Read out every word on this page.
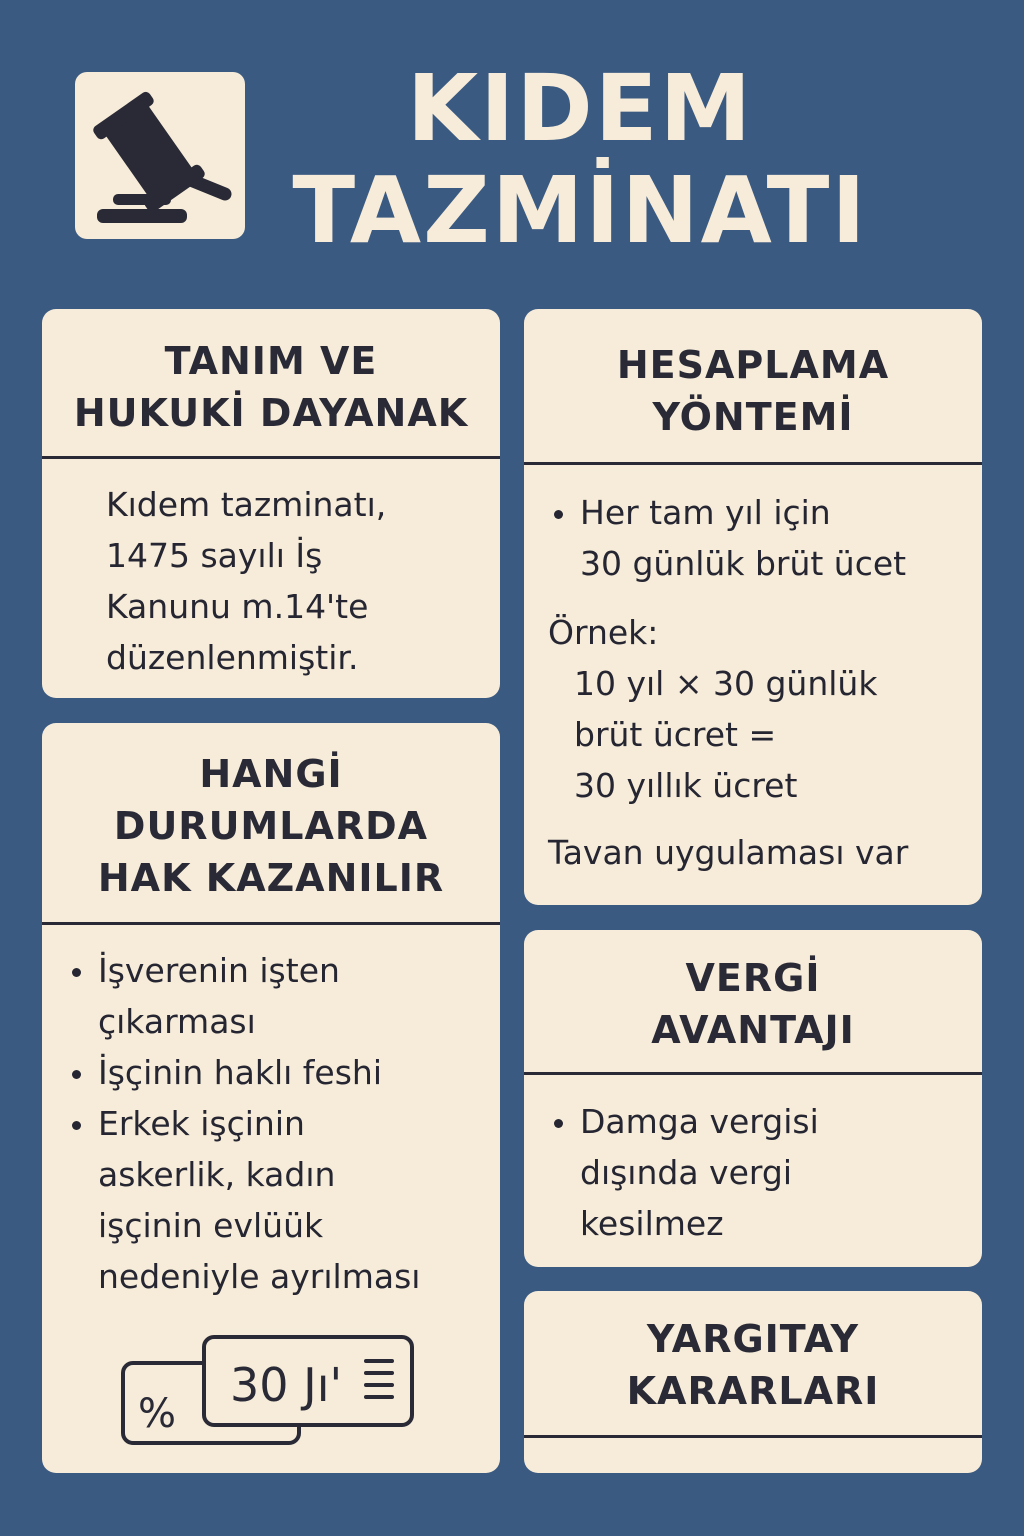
KIDEM
TAZMİNATI
TANIM VE
HUKUKİ DAYANAK
Kıdem tazminatı,
1475 sayılı İş
Kanunu m.14'te
düzenlenmiştir.
HESAPLAMA
YÖNTEMİ
Her tam yıl için
30 günlük brüt ücet
Örnek:
10 yıl × 30 günlük
brüt ücret =
30 yıllık ücret
Tavan uygulaması var
HANGİ
DURUMLARDA
HAK KAZANILIR
İşverenin işten
çıkarması
İşçinin haklı feshi
Erkek işçinin
askerlik, kadın
işçinin evlüük
nedeniyle ayrılması
%
30 Jı'
VERGİ
AVANTAJI
Damga vergisi
dışında vergi
kesilmez
YARGITAY
KARARLARI
